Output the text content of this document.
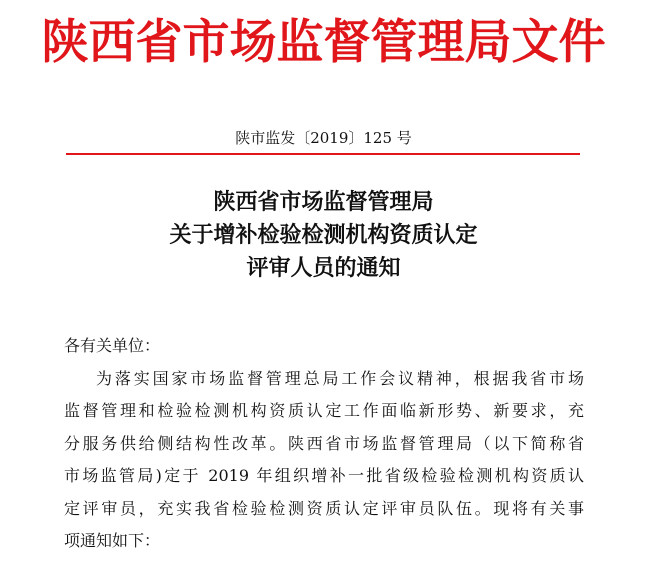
陕西省市场监督管理局文件
陕市监发〔2019〕125 号
陕西省市场监督管理局
关于增补检验检测机构资质认定
评审人员的通知
各有关单位：
为落实国家市场监督管理总局工作会议精神，根据我省市场
监督管理和检验检测机构资质认定工作面临新形势、新要求，充
分服务供给侧结构性改革。陕西省市场监督管理局（以下简称省
市场监管局)定于 2019 年组织增补一批省级检验检测机构资质认
定评审员，充实我省检验检测资质认定评审员队伍。现将有关事
项通知如下：
